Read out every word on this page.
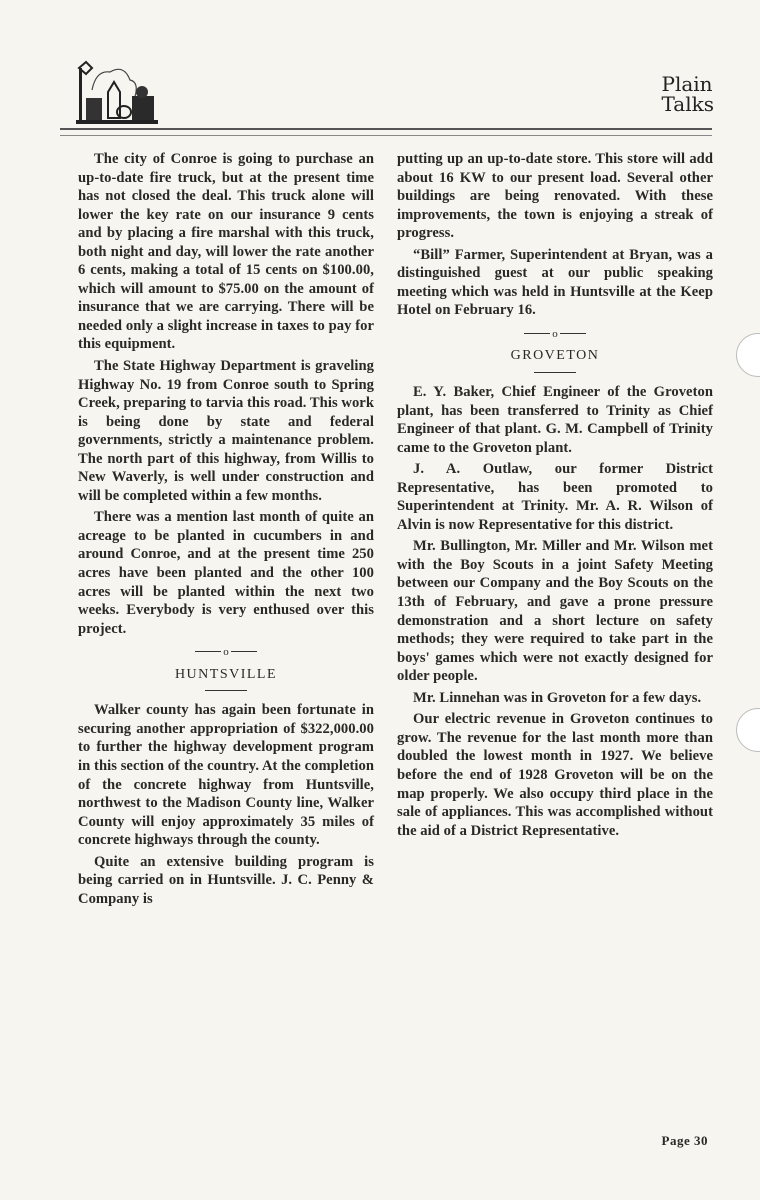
Plain
Talks

The city of Conroe is going to purchase an up-to-date fire truck, but at the present time has not closed the deal. This truck alone will lower the key rate on our insurance 9 cents and by placing a fire marshal with this truck, both night and day, will lower the rate another 6 cents, making a total of 15 cents on $100.00, which will amount to $75.00 on the amount of insurance that we are carrying. There will be needed only a slight increase in taxes to pay for this equipment.

The State Highway Department is graveling Highway No. 19 from Conroe south to Spring Creek, preparing to tarvia this road. This work is being done by state and federal governments, strictly a maintenance problem. The north part of this highway, from Willis to New Waverly, is well under construction and will be completed within a few months.

There was a mention last month of quite an acreage to be planted in cucumbers in and around Conroe, and at the present time 250 acres have been planted and the other 100 acres will be planted within the next two weeks. Everybody is very enthused over this project.

o
HUNTSVILLE

Walker county has again been fortunate in securing another appropriation of $322,000.00 to further the highway development program in this section of the country. At the completion of the concrete highway from Huntsville, northwest to the Madison County line, Walker County will enjoy approximately 35 miles of concrete highways through the county.

Quite an extensive building program is being carried on in Huntsville. J. C. Penny & Company is

putting up an up-to-date store. This store will add about 16 KW to our present load. Several other buildings are being renovated. With these improvements, the town is enjoying a streak of progress.

“Bill” Farmer, Superintendent at Bryan, was a distinguished guest at our public speaking meeting which was held in Huntsville at the Keep Hotel on February 16.

o
GROVETON

E. Y. Baker, Chief Engineer of the Groveton plant, has been transferred to Trinity as Chief Engineer of that plant. G. M. Campbell of Trinity came to the Groveton plant.

J. A. Outlaw, our former District Representative, has been promoted to Superintendent at Trinity. Mr. A. R. Wilson of Alvin is now Representative for this district.

Mr. Bullington, Mr. Miller and Mr. Wilson met with the Boy Scouts in a joint Safety Meeting between our Company and the Boy Scouts on the 13th of February, and gave a prone pressure demonstration and a short lecture on safety methods; they were required to take part in the boys' games which were not exactly designed for older people.

Mr. Linnehan was in Groveton for a few days.

Our electric revenue in Groveton continues to grow. The revenue for the last month more than doubled the lowest month in 1927. We believe before the end of 1928 Groveton will be on the map properly. We also occupy third place in the sale of appliances. This was accomplished without the aid of a District Representative.

Page 30
